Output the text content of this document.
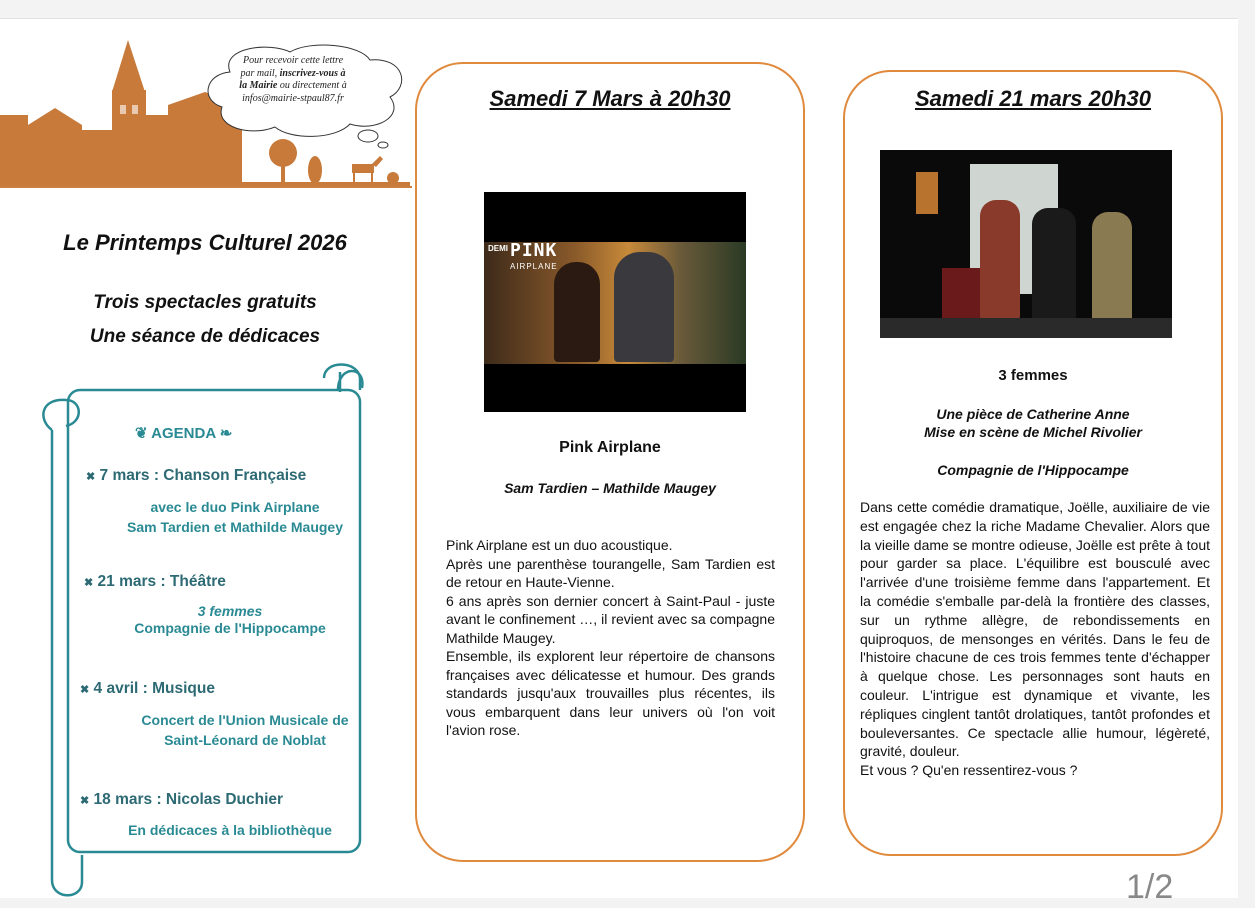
Pour recevoir cette lettre
par mail, inscrivez-vous à
la Mairie ou directement à
infos@mairie-stpaul87.fr
Le Printemps Culturel 2026
Trois spectacles gratuits
Une séance de dédicaces
❦ AGENDA ❧
✖ 7 mars : Chanson Française
avec le duo Pink Airplane
Sam Tardien et Mathilde Maugey
✖ 21 mars : Théâtre
3 femmes
Compagnie de l'Hippocampe
✖ 4 avril : Musique
Concert de l'Union Musicale de
Saint-Léonard de Noblat
✖ 18 mars : Nicolas Duchier
En dédicaces à la bibliothèque
Samedi 7 Mars à 20h30
DEMI PINK
AIRPLANE
Pink Airplane
Sam Tardien – Mathilde Maugey
Pink Airplane est un duo acoustique.
Après une parenthèse tourangelle, Sam Tardien est de retour en Haute-Vienne.
6 ans après son dernier concert à Saint-Paul - juste avant le confinement …, il revient avec sa compagne Mathilde Maugey.
Ensemble, ils explorent leur répertoire de chansons françaises avec délicatesse et humour. Des grands standards jusqu'aux trouvailles plus récentes, ils vous embarquent dans leur univers où l'on voit l'avion rose.
Samedi 21 mars 20h30
3 femmes
Une pièce de Catherine Anne
Mise en scène de Michel Rivolier
Compagnie de l'Hippocampe
Dans cette comédie dramatique, Joëlle, auxiliaire de vie est engagée chez la riche Madame Chevalier. Alors que la vieille dame se montre odieuse, Joëlle est prête à tout pour garder sa place. L'équilibre est bousculé avec l'arrivée d'une troisième femme dans l'appartement. Et la comédie s'emballe par-delà la frontière des classes, sur un rythme allègre, de rebondissements en quiproquos, de mensonges en vérités. Dans le feu de l'histoire chacune de ces trois femmes tente d'échapper à quelque chose. Les personnages sont hauts en couleur. L'intrigue est dynamique et vivante, les répliques cinglent tantôt drolatiques, tantôt profondes et bouleversantes. Ce spectacle allie humour, légèreté, gravité, douleur.
Et vous ? Qu'en ressentirez-vous ?
1/2
